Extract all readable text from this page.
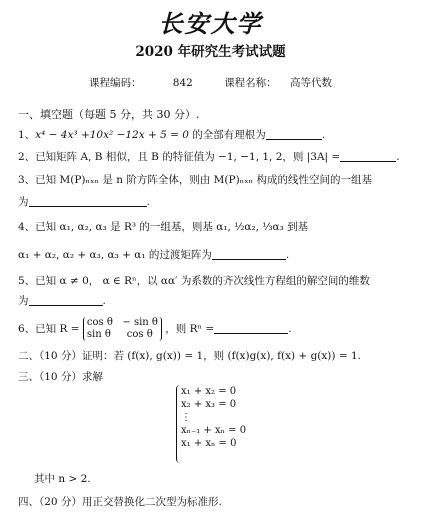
长安大学
2020 年研究生考试试题
课程编码：	842	课程名称： 高等代数
一、填空题（每题 5 分，共 30 分）.
1、x⁴ − 4x³ +10x² −12x + 5 = 0 的全部有理根为	.
2、已知矩阵 A, B 相似，且 B 的特征值为 −1, −1, 1, 2，则 |3A| =	.
3、已知 M(P)ₙₓₙ 是 n 阶方阵全体，则由 M(P)ₙₓₙ 构成的线性空间的一组基
为	.
4、已知 α₁, α₂, α₃ 是 R³ 的一组基，则基 α₁, ½α₂, ⅓α₃ 到基
α₁ + α₂, α₂ + α₃, α₃ + α₁ 的过渡矩阵为	.
5、已知 α ≠ 0， α ∈ Rⁿ，以 αα′ 为系数的齐次线性方程组的解空间的维数
为	.
6、已知 R =
cos θ − sin θ
sin θ cos θ	，则 Rⁿ =	.
二、（10 分）证明：若 (f(x), g(x)) = 1，则 (f(x)g(x), f(x) + g(x)) = 1.
三、（10 分）求解
x₁ + x₂ = 0
x₂ + x₃ = 0
⋮
xₙ₋₁ + xₙ = 0
x₁ + xₙ = 0
其中 n > 2.
四、（20 分）用正交替换化二次型为标准形.
